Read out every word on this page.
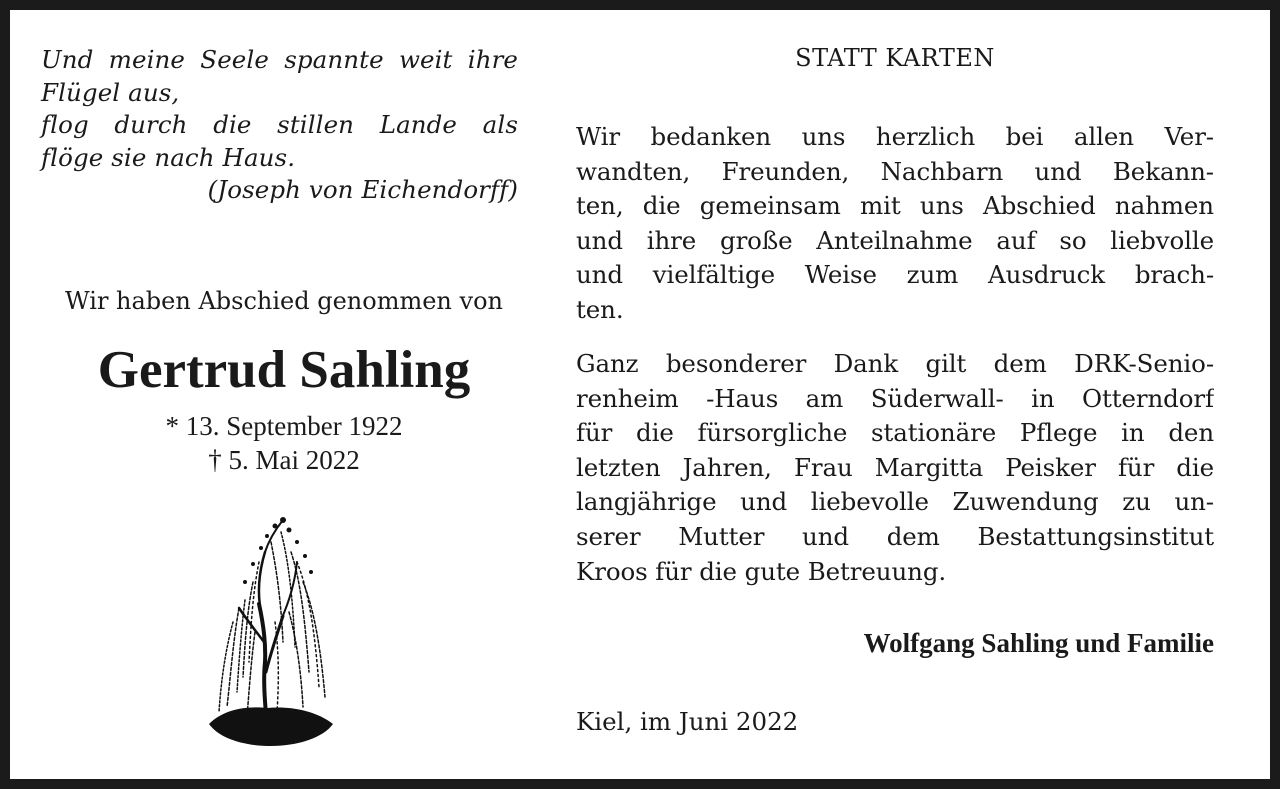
Und meine Seele spannte weit ihre
Flügel aus,
flog durch die stillen Lande als
flöge sie nach Haus.
(Joseph von Eichendorff)
Wir haben Abschied genommen von
Gertrud Sahling
* 13. September 1922
† 5. Mai 2022
STATT KARTEN
Wir bedanken uns herzlich bei allen Ver-
wandten, Freunden, Nachbarn und Bekann-
ten, die gemeinsam mit uns Abschied nahmen
und ihre große Anteilnahme auf so liebvolle
und vielfältige Weise zum Ausdruck brach-
ten.
Ganz besonderer Dank gilt dem DRK-Senio-
renheim -Haus am Süderwall- in Otterndorf
für die fürsorgliche stationäre Pflege in den
letzten Jahren, Frau Margitta Peisker für die
langjährige und liebevolle Zuwendung zu un-
serer Mutter und dem Bestattungsinstitut
Kroos für die gute Betreuung.
Wolfgang Sahling und Familie
Kiel, im Juni 2022
